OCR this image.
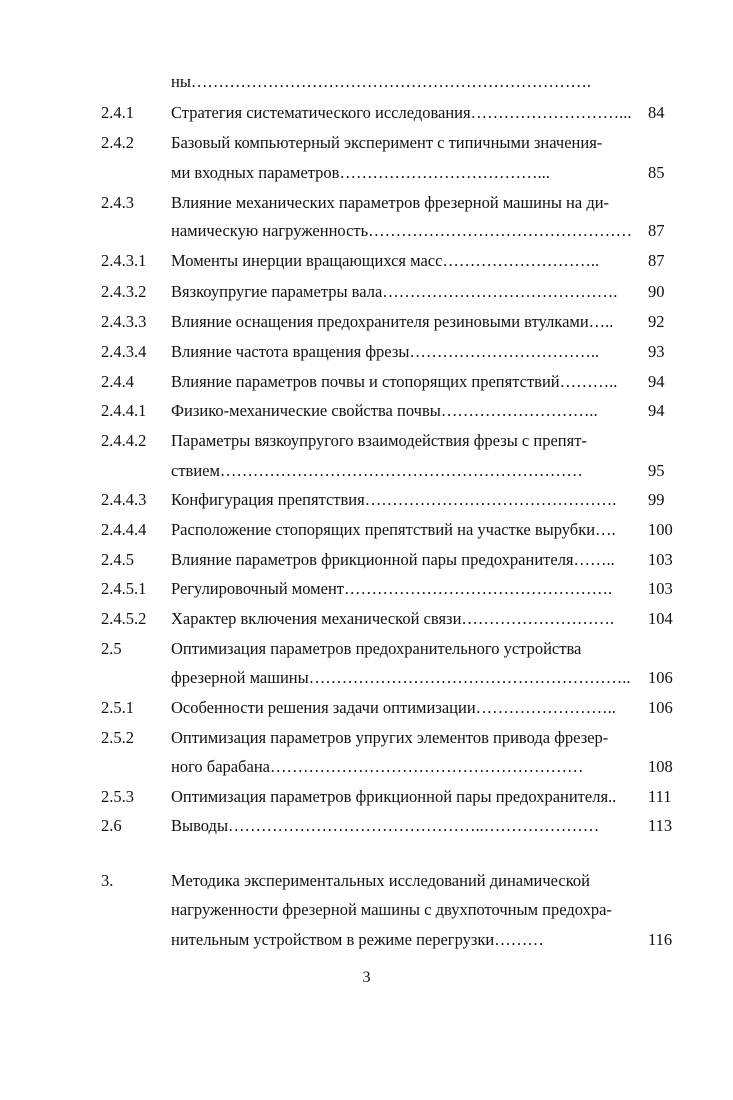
ны……………………………………………………………….
2.4.1 Стратегия систематического исследования………………………... 84
2.4.2 Базовый компьютерный эксперимент с типичными значения-
ми входных параметров………………………………...	85
2.4.3 Влияние механических параметров фрезерной машины на ди-
намическую нагруженность………………………………………… 87
2.4.3.1 Моменты инерции вращающихся масс………………………..	87
2.4.3.2 Вязкоупругие параметры вала……………………………………. 90
2.4.3.3 Влияние оснащения предохранителя резиновыми втулками….. 92
2.4.3.4 Влияние частота вращения фрезы……………………………..	93
2.4.4 Влияние параметров почвы и стопорящих препятствий……….. 94
2.4.4.1 Физико-механические свойства почвы………………………..	94
2.4.4.2 Параметры вязкоупругого взаимодействия фрезы с препят-
ствием…………………………………………………………	95
2.4.4.3 Конфигурация препятствия………………………………………. 99
2.4.4.4 Расположение стопорящих препятствий на участке вырубки…. 100
2.4.5 Влияние параметров фрикционной пары предохранителя…….. 103
2.4.5.1 Регулировочный момент…………………………………………. 103
2.4.5.2 Характер включения механической связи………………………. 104
2.5	Оптимизация параметров предохранительного устройства
фрезерной машины………………………………………………….. 106
2.5.1 Особенности решения задачи оптимизации…………………….. 106
2.5.2 Оптимизация параметров упругих элементов привода фрезер-
ного барабана…………………………………………………	108
2.5.3 Оптимизация параметров фрикционной пары предохранителя.. 111
2.6	Выводы………………………………………..…………………	113
3.	Методика экспериментальных исследований динамической
нагруженности фрезерной машины с двухпоточным предохра-
нительным устройством в режиме перегрузки………	116
3
